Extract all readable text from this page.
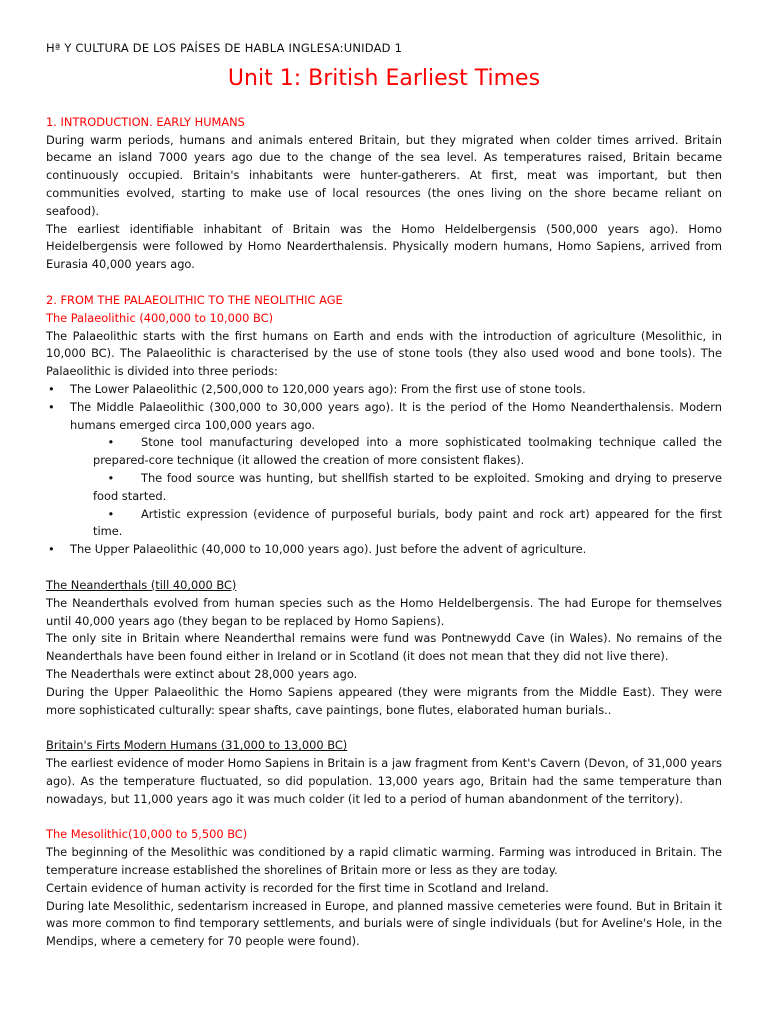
Hª Y CULTURA DE LOS PAÍSES DE HABLA INGLESA:UNIDAD 1
Unit 1: British Earliest Times
1. INTRODUCTION. EARLY HUMANS

During warm periods, humans and animals entered Britain, but they migrated when colder times arrived. Britain became an island 7000 years ago due to the change of the sea level. As temperatures raised, Britain became continuously occupied. Britain's inhabitants were hunter-gatherers. At first, meat was important, but then communities evolved, starting to make use of local resources (the ones living on the shore became reliant on seafood).

The earliest identifiable inhabitant of Britain was the Homo Heldelbergensis (500,000 years ago). Homo Heidelbergensis were followed by Homo Nearderthalensis. Physically modern humans, Homo Sapiens, arrived from Eurasia 40,000 years ago.

2. FROM THE PALAEOLITHIC TO THE NEOLITHIC AGE
The Palaeolithic (400,000 to 10,000 BC)

The Palaeolithic starts with the first humans on Earth and ends with the introduction of agriculture (Mesolithic, in 10,000 BC). The Palaeolithic is characterised by the use of stone tools (they also used wood and bone tools). The Palaeolithic is divided into three periods:

• The Lower Palaeolithic (2,500,000 to 120,000 years ago): From the first use of stone tools.
• The Middle Palaeolithic (300,000 to 30,000 years ago). It is the period of the Homo Neanderthalensis. Modern humans emerged circa 100,000 years ago.
• Stone tool manufacturing developed into a more sophisticated toolmaking technique called the prepared-core technique (it allowed the creation of more consistent flakes).
• The food source was hunting, but shellfish started to be exploited. Smoking and drying to preserve food started.
• Artistic expression (evidence of purposeful burials, body paint and rock art) appeared for the first time.
• The Upper Palaeolithic (40,000 to 10,000 years ago). Just before the advent of agriculture.
The Neanderthals (till 40,000 BC)

The Neanderthals evolved from human species such as the Homo Heldelbergensis. The had Europe for themselves until 40,000 years ago (they began to be replaced by Homo Sapiens).

The only site in Britain where Neanderthal remains were fund was Pontnewydd Cave (in Wales). No remains of the Neanderthals have been found either in Ireland or in Scotland (it does not mean that they did not live there).

The Neaderthals were extinct about 28,000 years ago.

During the Upper Palaeolithic the Homo Sapiens appeared (they were migrants from the Middle East). They were more sophisticated culturally: spear shafts, cave paintings, bone flutes, elaborated human burials..

Britain's Firts Modern Humans (31,000 to 13,000 BC)

The earliest evidence of moder Homo Sapiens in Britain is a jaw fragment from Kent's Cavern (Devon, of 31,000 years ago). As the temperature fluctuated, so did population. 13,000 years ago, Britain had the same temperature than nowadays, but 11,000 years ago it was much colder (it led to a period of human abandonment of the territory).

The Mesolithic(10,000 to 5,500 BC)

The beginning of the Mesolithic was conditioned by a rapid climatic warming. Farming was introduced in Britain. The temperature increase established the shorelines of Britain more or less as they are today.

Certain evidence of human activity is recorded for the first time in Scotland and Ireland.

During late Mesolithic, sedentarism increased in Europe, and planned massive cemeteries were found. But in Britain it was more common to find temporary settlements, and burials were of single individuals (but for Aveline's Hole, in the Mendips, where a cemetery for 70 people were found).
